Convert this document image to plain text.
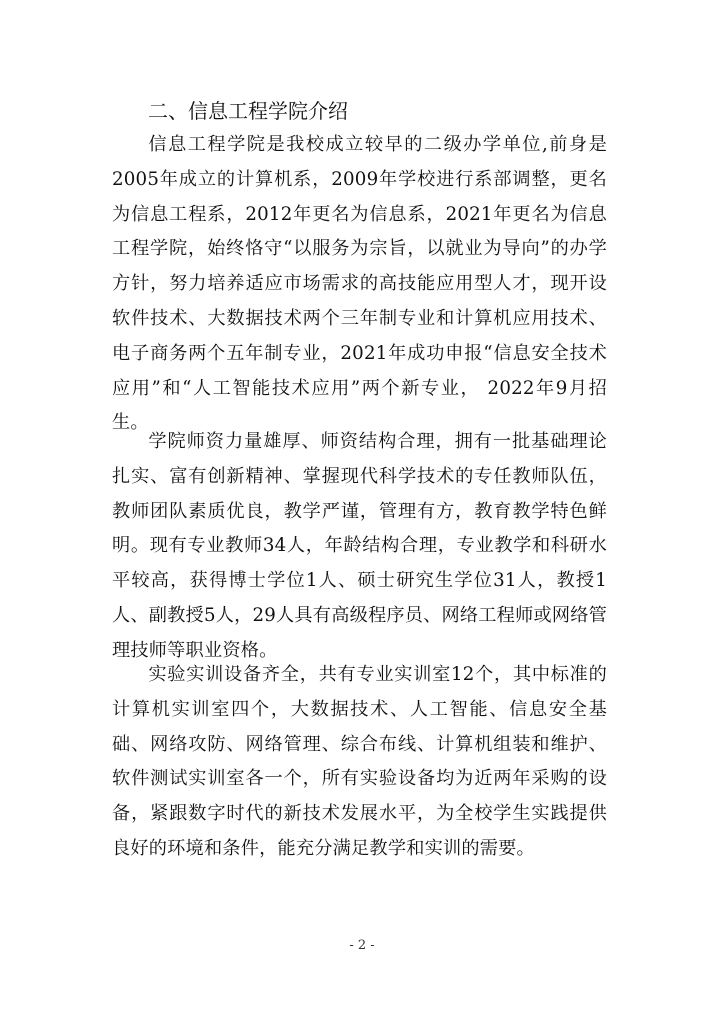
二、信息工程学院介绍

信息工程学院是我校成立较早的二级办学单位,前身是2005年成立的计算机系，2009年学校进行系部调整，更名为信息工程系，2012年更名为信息系，2021年更名为信息工程学院，始终恪守“以服务为宗旨，以就业为导向”的办学方针，努力培养适应市场需求的高技能应用型人才，现开设软件技术、大数据技术两个三年制专业和计算机应用技术、电子商务两个五年制专业，2021年成功申报“信息安全技术应用”和“人工智能技术应用”两个新专业， 2022年9月招生。

学院师资力量雄厚、师资结构合理，拥有一批基础理论扎实、富有创新精神、掌握现代科学技术的专任教师队伍，教师团队素质优良，教学严谨，管理有方，教育教学特色鲜明。现有专业教师34人，年龄结构合理，专业教学和科研水平较高，获得博士学位1人、硕士研究生学位31人，教授1人、副教授5人，29人具有高级程序员、网络工程师或网络管理技师等职业资格。

实验实训设备齐全，共有专业实训室12个，其中标准的计算机实训室四个，大数据技术、人工智能、信息安全基础、网络攻防、网络管理、综合布线、计算机组装和维护、软件测试实训室各一个，所有实验设备均为近两年采购的设备，紧跟数字时代的新技术发展水平，为全校学生实践提供良好的环境和条件，能充分满足教学和实训的需要。

- 2 -
